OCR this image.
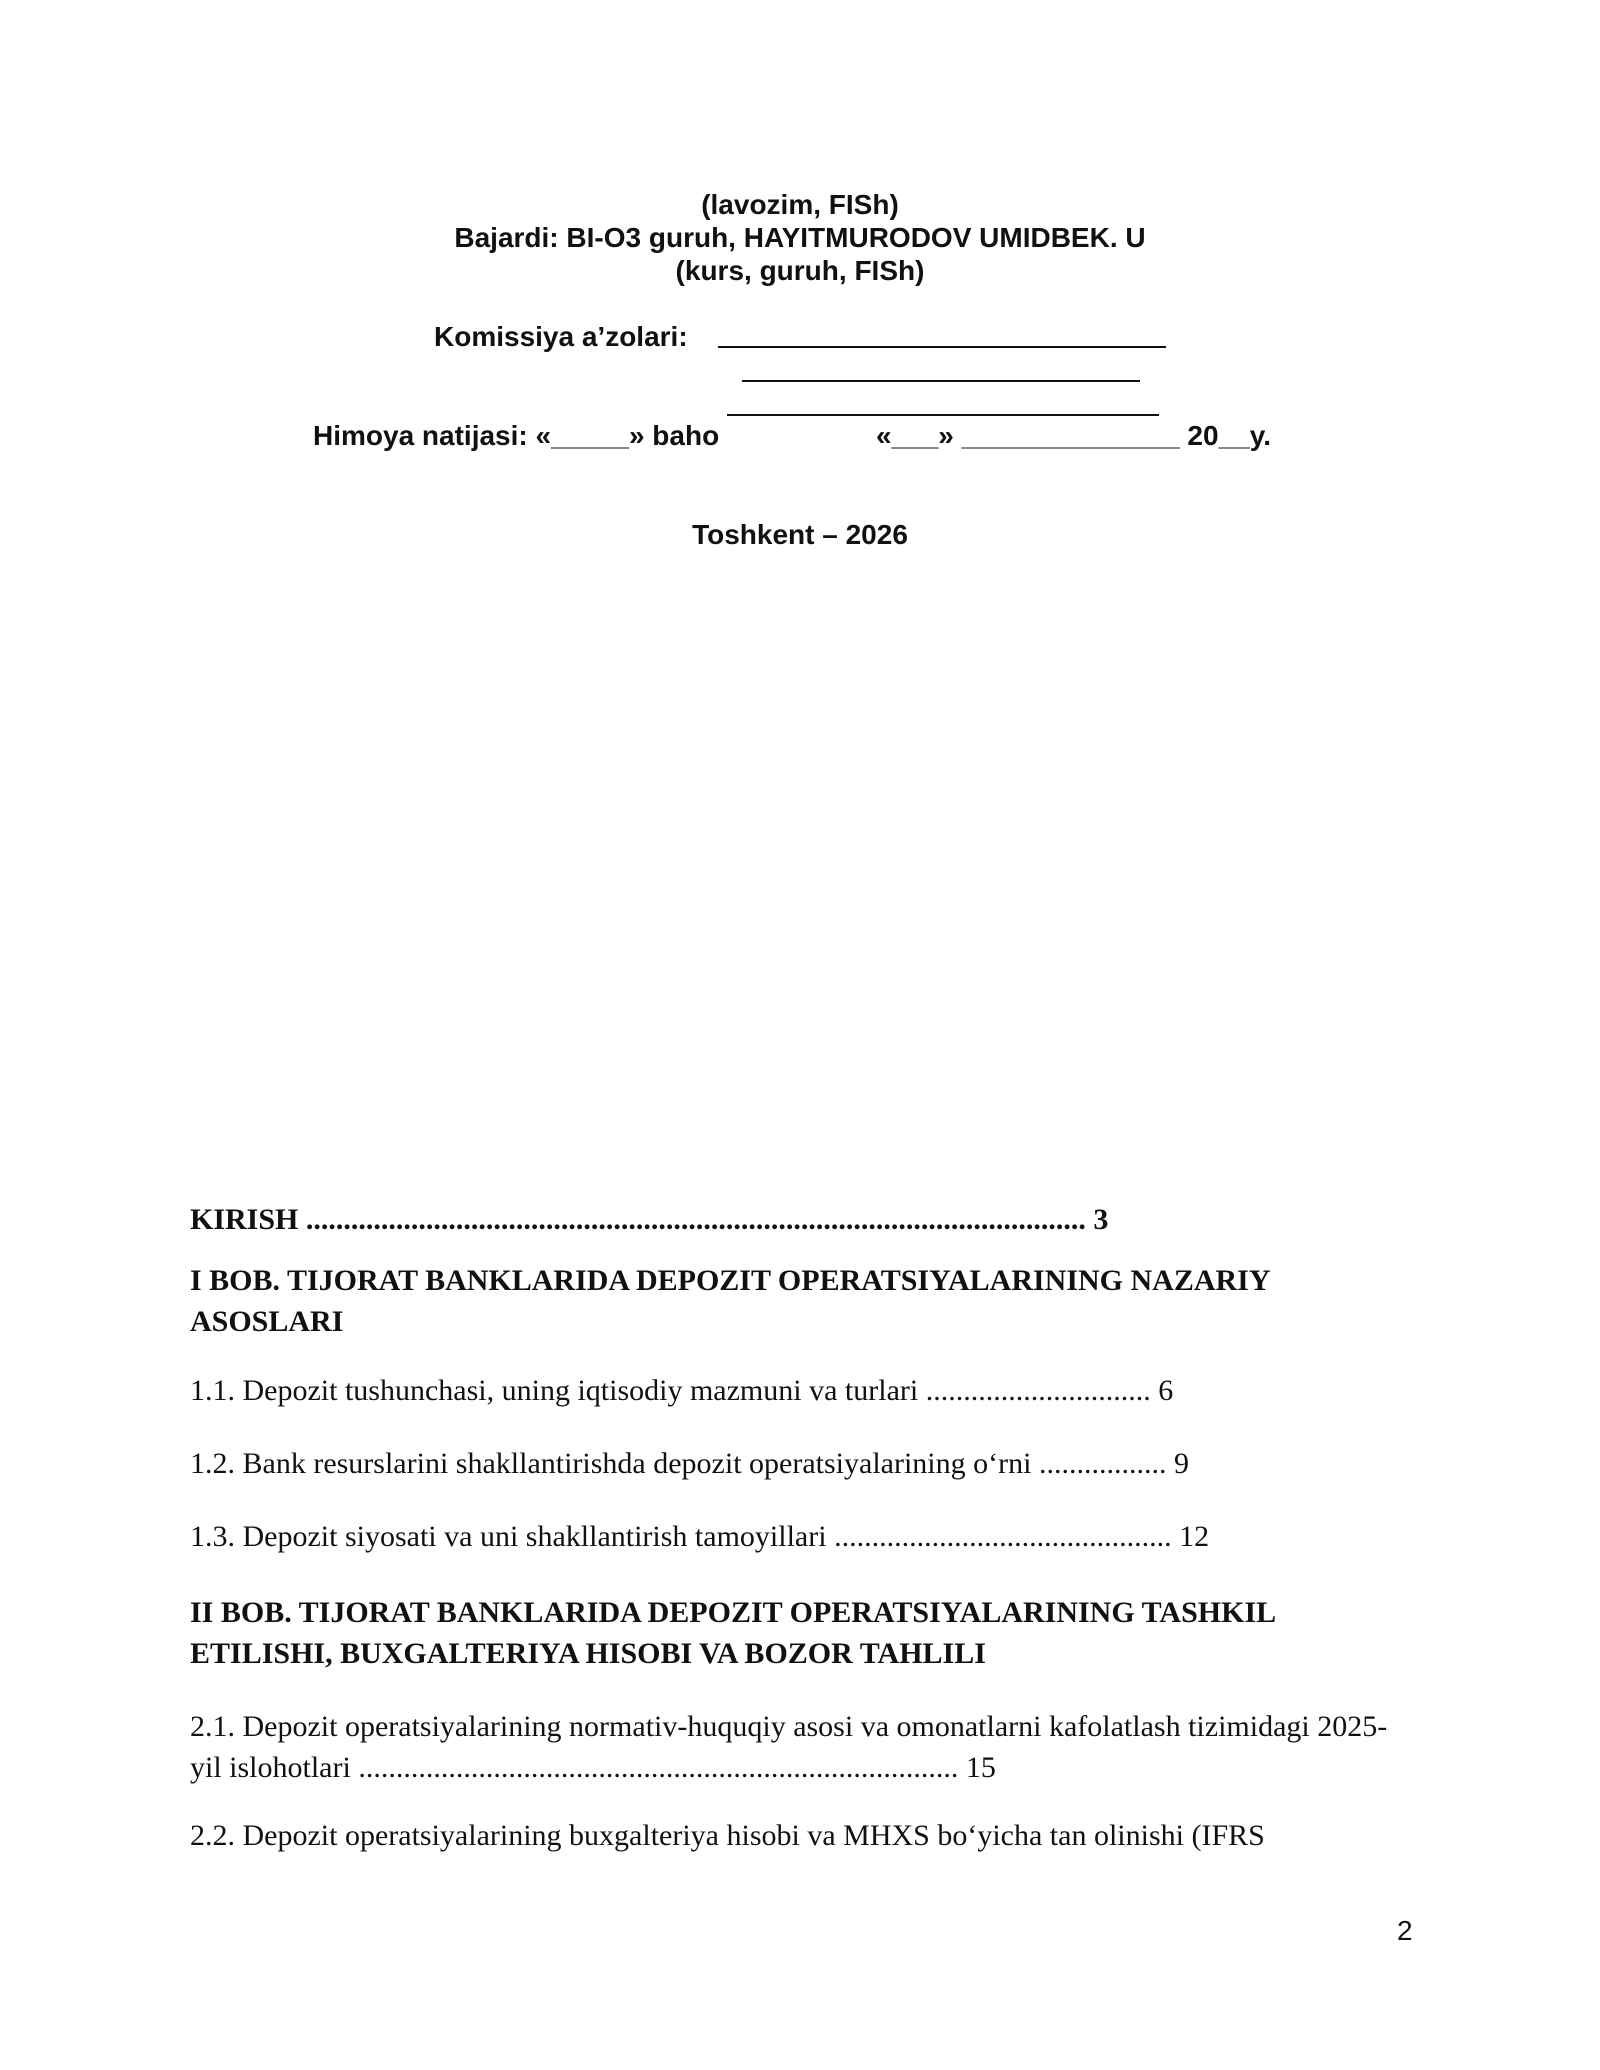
(lavozim, FISh)
Bajardi: BI-O3 guruh, HAYITMURODOV UMIDBEK. U
(kurs, guruh, FISh)
Komissiya a’zolari:
Himoya natijasi: «_____» baho	«___» ______________ 20__y.
Toshkent – 2026
KIRISH ........................................................................................................ 3
I BOB. TIJORAT BANKLARIDA DEPOZIT OPERATSIYALARINING NAZARIY ASOSLARI
1.1. Depozit tushunchasi, uning iqtisodiy mazmuni va turlari .............................. 6
1.2. Bank resurslarini shakllantirishda depozit operatsiyalarining o‘rni ................. 9
1.3. Depozit siyosati va uni shakllantirish tamoyillari ............................................. 12
II BOB. TIJORAT BANKLARIDA DEPOZIT OPERATSIYALARINING TASHKIL ETILISHI, BUXGALTERIYA HISOBI VA BOZOR TAHLILI
2.1. Depozit operatsiyalarining normativ-huquqiy asosi va omonatlarni kafolatlash tizimidagi 2025-yil islohotlari ................................................................................ 15
2.2. Depozit operatsiyalarining buxgalteriya hisobi va MHXS bo‘yicha tan olinishi (IFRS
2
